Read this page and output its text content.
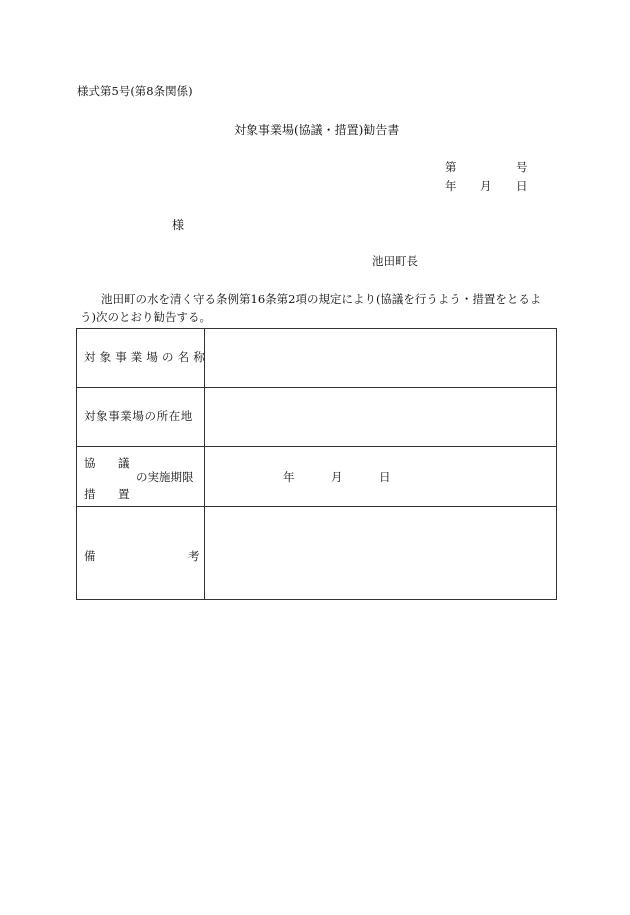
様式第5号(第8条関係)
対象事業場(協議・措置)勧告書
第	号
年 月 日
様
池田町長
池田町の水を清く守る条例第16条第2項の規定により(協議を行うよう・措置をとるよ
う)次のとおり勧告する。
対象事業場の名称
対象事業場の所在地
協 議
措 置
の実施期限	年	月	日
備	考
